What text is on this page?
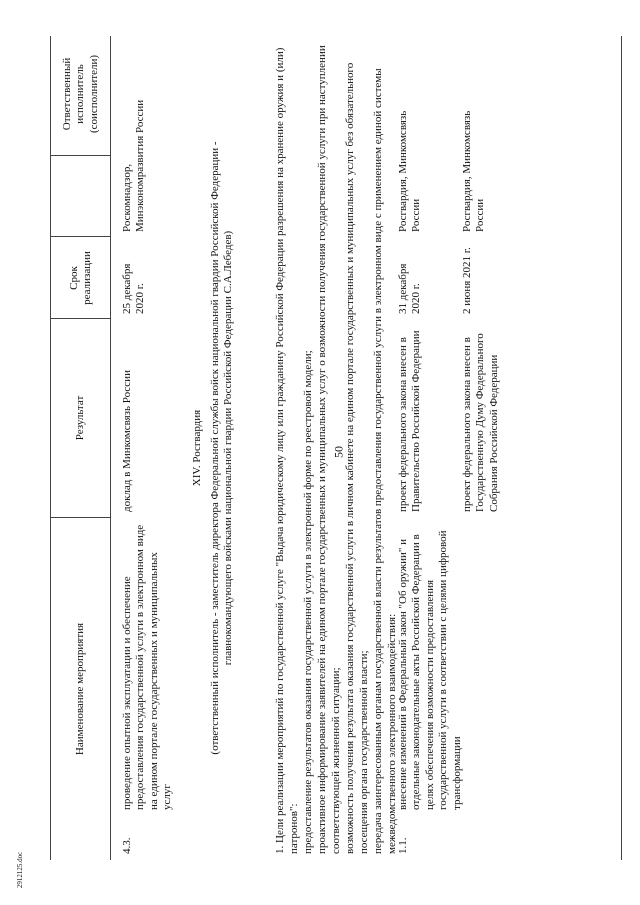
50
2912125.doc
Наименование мероприятия
Результат
Срок реализации
Ответственный исполнитель (соисполнители)
4.3.
проведение опытной эксплуатации и обеспечение предоставления государственной услуги в электронном виде на едином портале государственных и муниципальных услуг
доклад в Минкомсвязь России
25 декабря 2020 г.
Роскомнадзор, Минэкономразвития России
XIV. Росгвардия (ответственный исполнитель - заместитель директора Федеральной службы войск национальной гвардии Российской Федерации - главнокомандующего войсками национальной гвардии Российской Федерации С.А.Лебедев)	1. Цели реализации мероприятий по государственной услуге "Выдача юридическому лицу или гражданину Российской Федерации разрешения на хранение оружия и (или) патронов": предоставление результатов оказания государственной услуги в электронной форме по реестровой модели; проактивное информирование заявителей на едином портале государственных и муниципальных услуг о возможности получения государственной услуги при наступлении соответствующей жизненной ситуации; возможность получения результата оказания государственной услуги в личном кабинете на едином портале государственных и муниципальных услуг без обязательного посещения органа государственной власти; передача заинтересованным органам государственной власти результатов предоставления государственной услуги в электронном виде с применением единой системы межведомственного электронного взаимодействия: 1.1.
внесение изменений в Федеральный закон "Об оружии" и отдельные законодательные акты Российской Федерации в целях обеспечения возможности предоставления государственной услуги в соответствии с целями цифровой трансформации
проект федерального закона внесен в Правительство Российской Федерации
31 декабря 2020 г.
Росгвардия, Минкомсвязь России
проект федерального закона внесен в Государственную Думу Федерального Собрания Российской Федерации
2 июня 2021 г.
Росгвардия, Минкомсвязь России
